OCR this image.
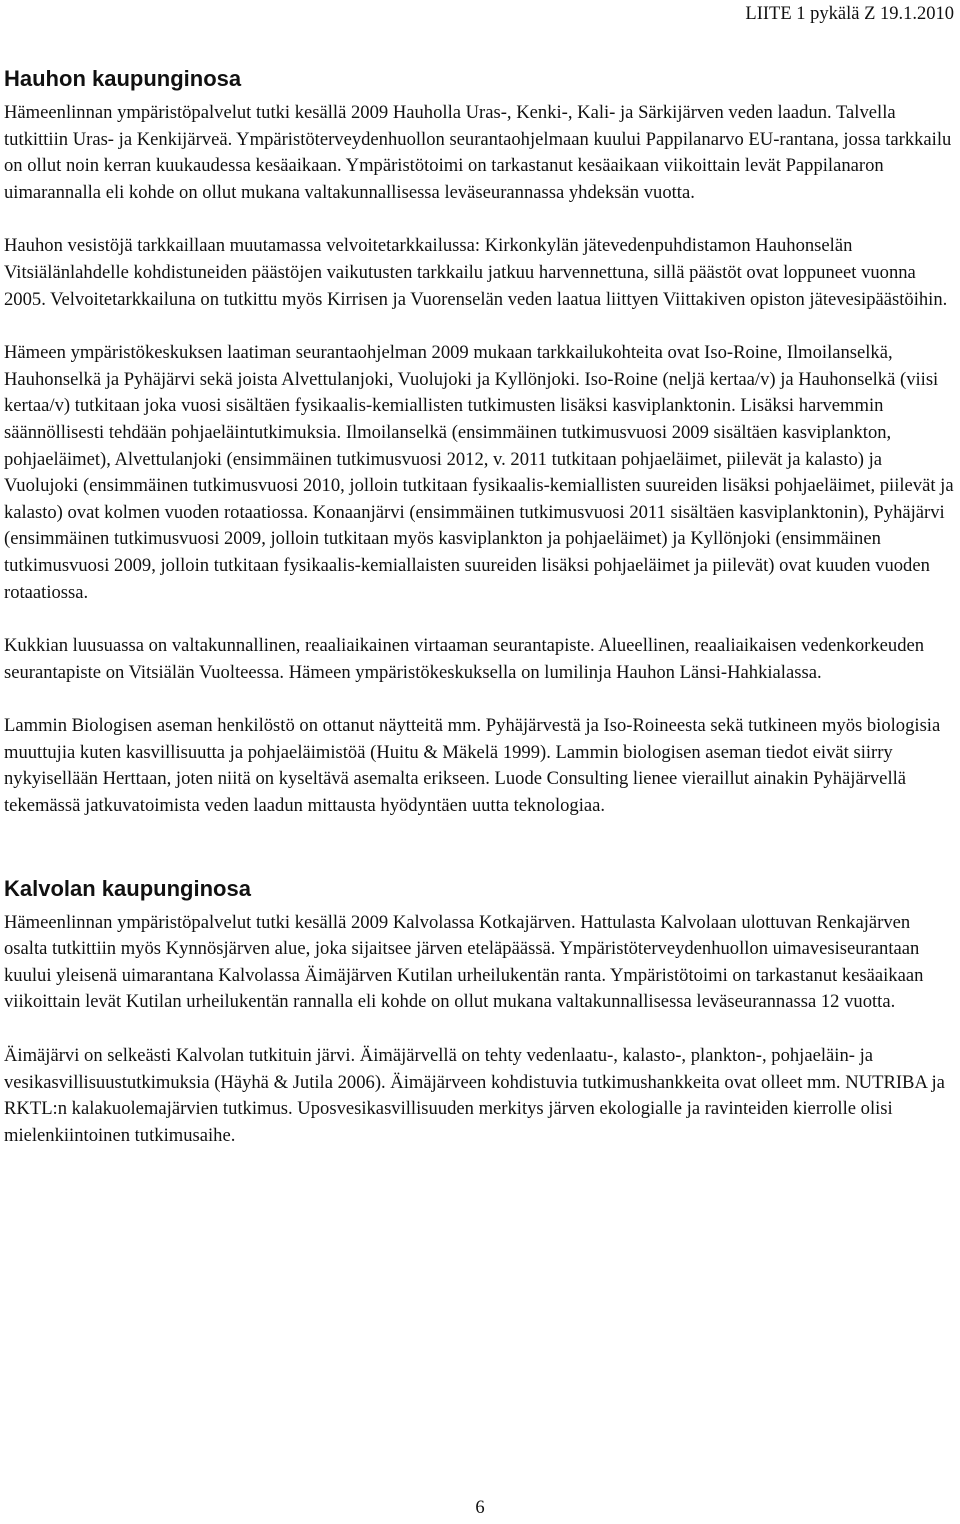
LIITE 1 pykälä Z 19.1.2010
Hauhon kaupunginosa

Hämeenlinnan ympäristöpalvelut tutki kesällä 2009 Hauholla Uras-, Kenki-, Kali- ja Särkijärven veden laadun. Talvella tutkittiin Uras- ja Kenkijärveä. Ympäristöterveydenhuollon seurantaohjelmaan kuului Pappilanarvo EU-rantana, jossa tarkkailu on ollut noin kerran kuukaudessa kesäaikaan. Ympäristötoimi on tarkastanut kesäaikaan viikoittain levät Pappilanaron uimarannalla eli kohde on ollut mukana valtakunnallisessa leväseurannassa yhdeksän vuotta.

Hauhon vesistöjä tarkkaillaan muutamassa velvoitetarkkailussa: Kirkonkylän jätevedenpuhdistamon Hauhonselän Vitsiälänlahdelle kohdistuneiden päästöjen vaikutusten tarkkailu jatkuu harvennettuna, sillä päästöt ovat loppuneet vuonna 2005. Velvoitetarkkailuna on tutkittu myös Kirrisen ja Vuorenselän veden laatua liittyen Viittakiven opiston jätevesipäästöihin.

Hämeen ympäristökeskuksen laatiman seurantaohjelman 2009 mukaan tarkkailukohteita ovat Iso-Roine, Ilmoilanselkä, Hauhonselkä ja Pyhäjärvi sekä joista Alvettulanjoki, Vuolujoki ja Kyllönjoki. Iso-Roine (neljä kertaa/v) ja Hauhonselkä (viisi kertaa/v) tutkitaan joka vuosi sisältäen fysikaalis-kemiallisten tutkimusten lisäksi kasviplanktonin. Lisäksi harvemmin säännöllisesti tehdään pohjaeläintutkimuksia. Ilmoilanselkä (ensimmäinen tutkimusvuosi 2009 sisältäen kasviplankton, pohjaeläimet), Alvettulanjoki (ensimmäinen tutkimusvuosi 2012, v. 2011 tutkitaan pohjaeläimet, piilevät ja kalasto) ja Vuolujoki (ensimmäinen tutkimusvuosi 2010, jolloin tutkitaan fysikaalis-kemiallisten suureiden lisäksi pohjaeläimet, piilevät ja kalasto) ovat kolmen vuoden rotaatiossa. Konaanjärvi (ensimmäinen tutkimusvuosi 2011 sisältäen kasviplanktonin), Pyhäjärvi (ensimmäinen tutkimusvuosi 2009, jolloin tutkitaan myös kasviplankton ja pohjaeläimet) ja Kyllönjoki (ensimmäinen tutkimusvuosi 2009, jolloin tutkitaan fysikaalis-kemiallaisten suureiden lisäksi pohjaeläimet ja piilevät) ovat kuuden vuoden rotaatiossa.

Kukkian luusuassa on valtakunnallinen, reaaliaikainen virtaaman seurantapiste. Alueellinen, reaaliaikaisen vedenkorkeuden seurantapiste on Vitsiälän Vuolteessa. Hämeen ympäristökeskuksella on lumilinja Hauhon Länsi-Hahkialassa.

Lammin Biologisen aseman henkilöstö on ottanut näytteitä mm. Pyhäjärvestä ja Iso-Roineesta sekä tutkineen myös biologisia muuttujia kuten kasvillisuutta ja pohjaeläimistöä (Huitu & Mäkelä 1999). Lammin biologisen aseman tiedot eivät siirry nykyisellään Herttaan, joten niitä on kyseltävä asemalta erikseen. Luode Consulting lienee vieraillut ainakin Pyhäjärvellä tekemässä jatkuvatoimista veden laadun mittausta hyödyntäen uutta teknologiaa.

Kalvolan kaupunginosa

Hämeenlinnan ympäristöpalvelut tutki kesällä 2009 Kalvolassa Kotkajärven. Hattulasta Kalvolaan ulottuvan Renkajärven osalta tutkittiin myös Kynnösjärven alue, joka sijaitsee järven eteläpäässä. Ympäristöterveydenhuollon uimavesiseurantaan kuului yleisenä uimarantana Kalvolassa Äimäjärven Kutilan urheilukentän ranta. Ympäristötoimi on tarkastanut kesäaikaan viikoittain levät Kutilan urheilukentän rannalla eli kohde on ollut mukana valtakunnallisessa leväseurannassa 12 vuotta.

Äimäjärvi on selkeästi Kalvolan tutkituin järvi. Äimäjärvellä on tehty vedenlaatu-, kalasto-, plankton-, pohjaeläin- ja vesikasvillisuustutkimuksia (Häyhä & Jutila 2006). Äimäjärveen kohdistuvia tutkimushankkeita ovat olleet mm. NUTRIBA ja RKTL:n kalakuolemajärvien tutkimus. Uposvesikasvillisuuden merkitys järven ekologialle ja ravinteiden kierrolle olisi mielenkiintoinen tutkimusaihe.

6
